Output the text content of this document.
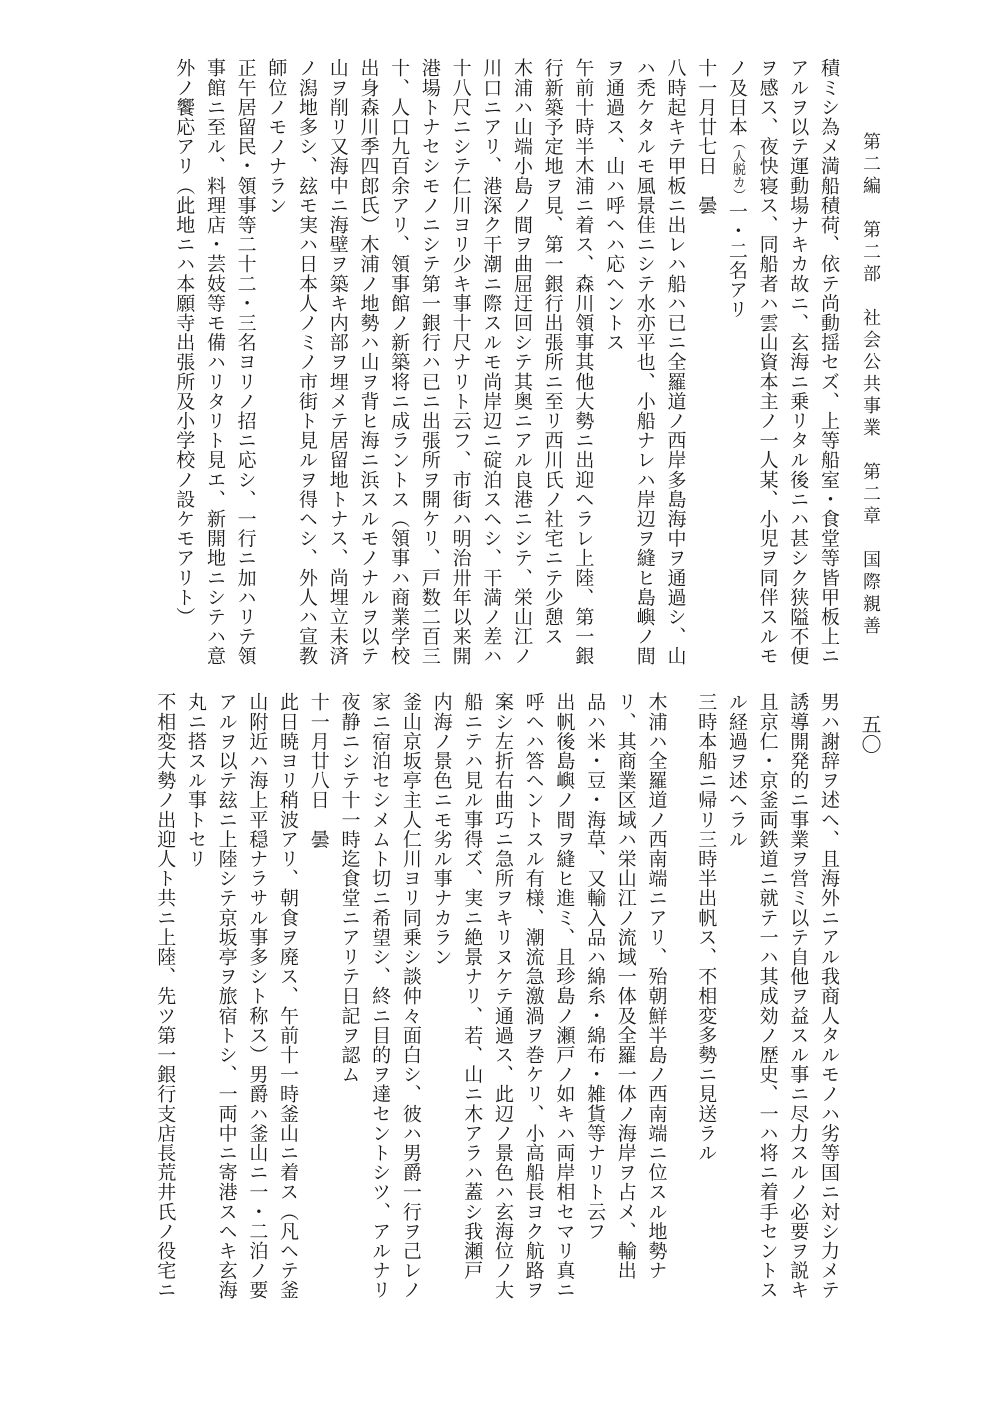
第二編　第二部　社会公共事業　第二章　国際親善
五〇
積ミシ為メ満船積荷、依テ尚動揺セズ、上等船室・食堂等皆甲板上ニ
アルヲ以テ運動場ナキカ故ニ、玄海ニ乗リタル後ニハ甚シク狭隘不便
ヲ感ス、夜快寝ス、同船者ハ雲山資本主ノ一人某、小児ヲ同伴スルモ
ノ及日本（人脱カ）一・二名アリ
十一月廿七日　曇
八時起キテ甲板ニ出レハ船ハ已ニ全羅道ノ西岸多島海中ヲ通過シ、山
ハ禿ケタルモ風景佳ニシテ水亦平也、小船ナレハ岸辺ヲ縫ヒ島嶼ノ間
ヲ通過ス、山ハ呼ヘハ応ヘントス
午前十時半木浦ニ着ス、森川領事其他大勢ニ出迎ヘラレ上陸、第一銀
行新築予定地ヲ見、第一銀行出張所ニ至リ西川氏ノ社宅ニテ少憩ス
木浦ハ山端小島ノ間ヲ曲屈迂回シテ其奥ニアル良港ニシテ、栄山江ノ
川口ニアリ、港深ク干潮ニ際スルモ尚岸辺ニ碇泊スヘシ、干満ノ差ハ
十八尺ニシテ仁川ヨリ少キ事十尺ナリト云フ、市街ハ明治卅年以来開
港場トナセシモノニシテ第一銀行ハ已ニ出張所ヲ開ケリ、戸数二百三
十、人口九百余アリ、領事館ノ新築将ニ成ラントス（領事ハ商業学校
出身森川季四郎氏）木浦ノ地勢ハ山ヲ背ヒ海ニ浜スルモノナルヲ以テ
山ヲ削リ又海中ニ海壁ヲ築キ内部ヲ埋メテ居留地トナス、尚埋立未済
ノ潟地多シ、玆モ実ハ日本人ノミノ市街ト見ルヲ得ヘシ、外人ハ宣教
師位ノモノナラン
正午居留民・領事等二十二・三名ヨリノ招ニ応シ、一行ニ加ハリテ領
事館ニ至ル、料理店・芸妓等モ備ハリタリト見エ、新開地ニシテハ意
外ノ饗応アリ（此地ニハ本願寺出張所及小学校ノ設ケモアリト）
男ハ謝辞ヲ述ヘ、且海外ニアル我商人タルモノハ劣等国ニ対シ力メテ
誘導開発的ニ事業ヲ営ミ以テ自他ヲ益スル事ニ尽力スルノ必要ヲ説キ
且京仁・京釜両鉄道ニ就テ一ハ其成効ノ歴史、一ハ将ニ着手セントス
ル経過ヲ述ヘラル
三時本船ニ帰リ三時半出帆ス、不相変多勢ニ見送ラル
木浦ハ全羅道ノ西南端ニアリ、殆朝鮮半島ノ西南端ニ位スル地勢ナ
リ、其商業区域ハ栄山江ノ流域一体及全羅一体ノ海岸ヲ占メ、輸出
品ハ米・豆・海草、又輸入品ハ綿糸・綿布・雑貨等ナリト云フ
出帆後島嶼ノ間ヲ縫ヒ進ミ、且珍島ノ瀬戸ノ如キハ両岸相セマリ真ニ
呼ヘハ答ヘントスル有様、潮流急激渦ヲ巻ケリ、小高船長ヨク航路ヲ
案シ左折右曲巧ニ急所ヲキリヌケテ通過ス、此辺ノ景色ハ玄海位ノ大
船ニテハ見ル事得ズ、実ニ絶景ナリ、若、山ニ木アラハ蓋シ我瀬戸
内海ノ景色ニモ劣ル事ナカラン
釜山京坂亭主人仁川ヨリ同乗シ談仲々面白シ、彼ハ男爵一行ヲ己レノ
家ニ宿泊セシメムト切ニ希望シ、終ニ目的ヲ達セントシツ、アルナリ
夜静ニシテ十一時迄食堂ニアリテ日記ヲ認ム
十一月廿八日　曇
此日暁ヨリ稍波アリ、朝食ヲ廃ス、午前十一時釜山ニ着ス（凡ヘテ釜
山附近ハ海上平穏ナラサル事多シト称ス）男爵ハ釜山ニ一・二泊ノ要
アルヲ以テ玆ニ上陸シテ京坂亭ヲ旅宿トシ、一両中ニ寄港スヘキ玄海
丸ニ搭スル事トセリ
不相変大勢ノ出迎人ト共ニ上陸、先ツ第一銀行支店長荒井氏ノ役宅ニ
